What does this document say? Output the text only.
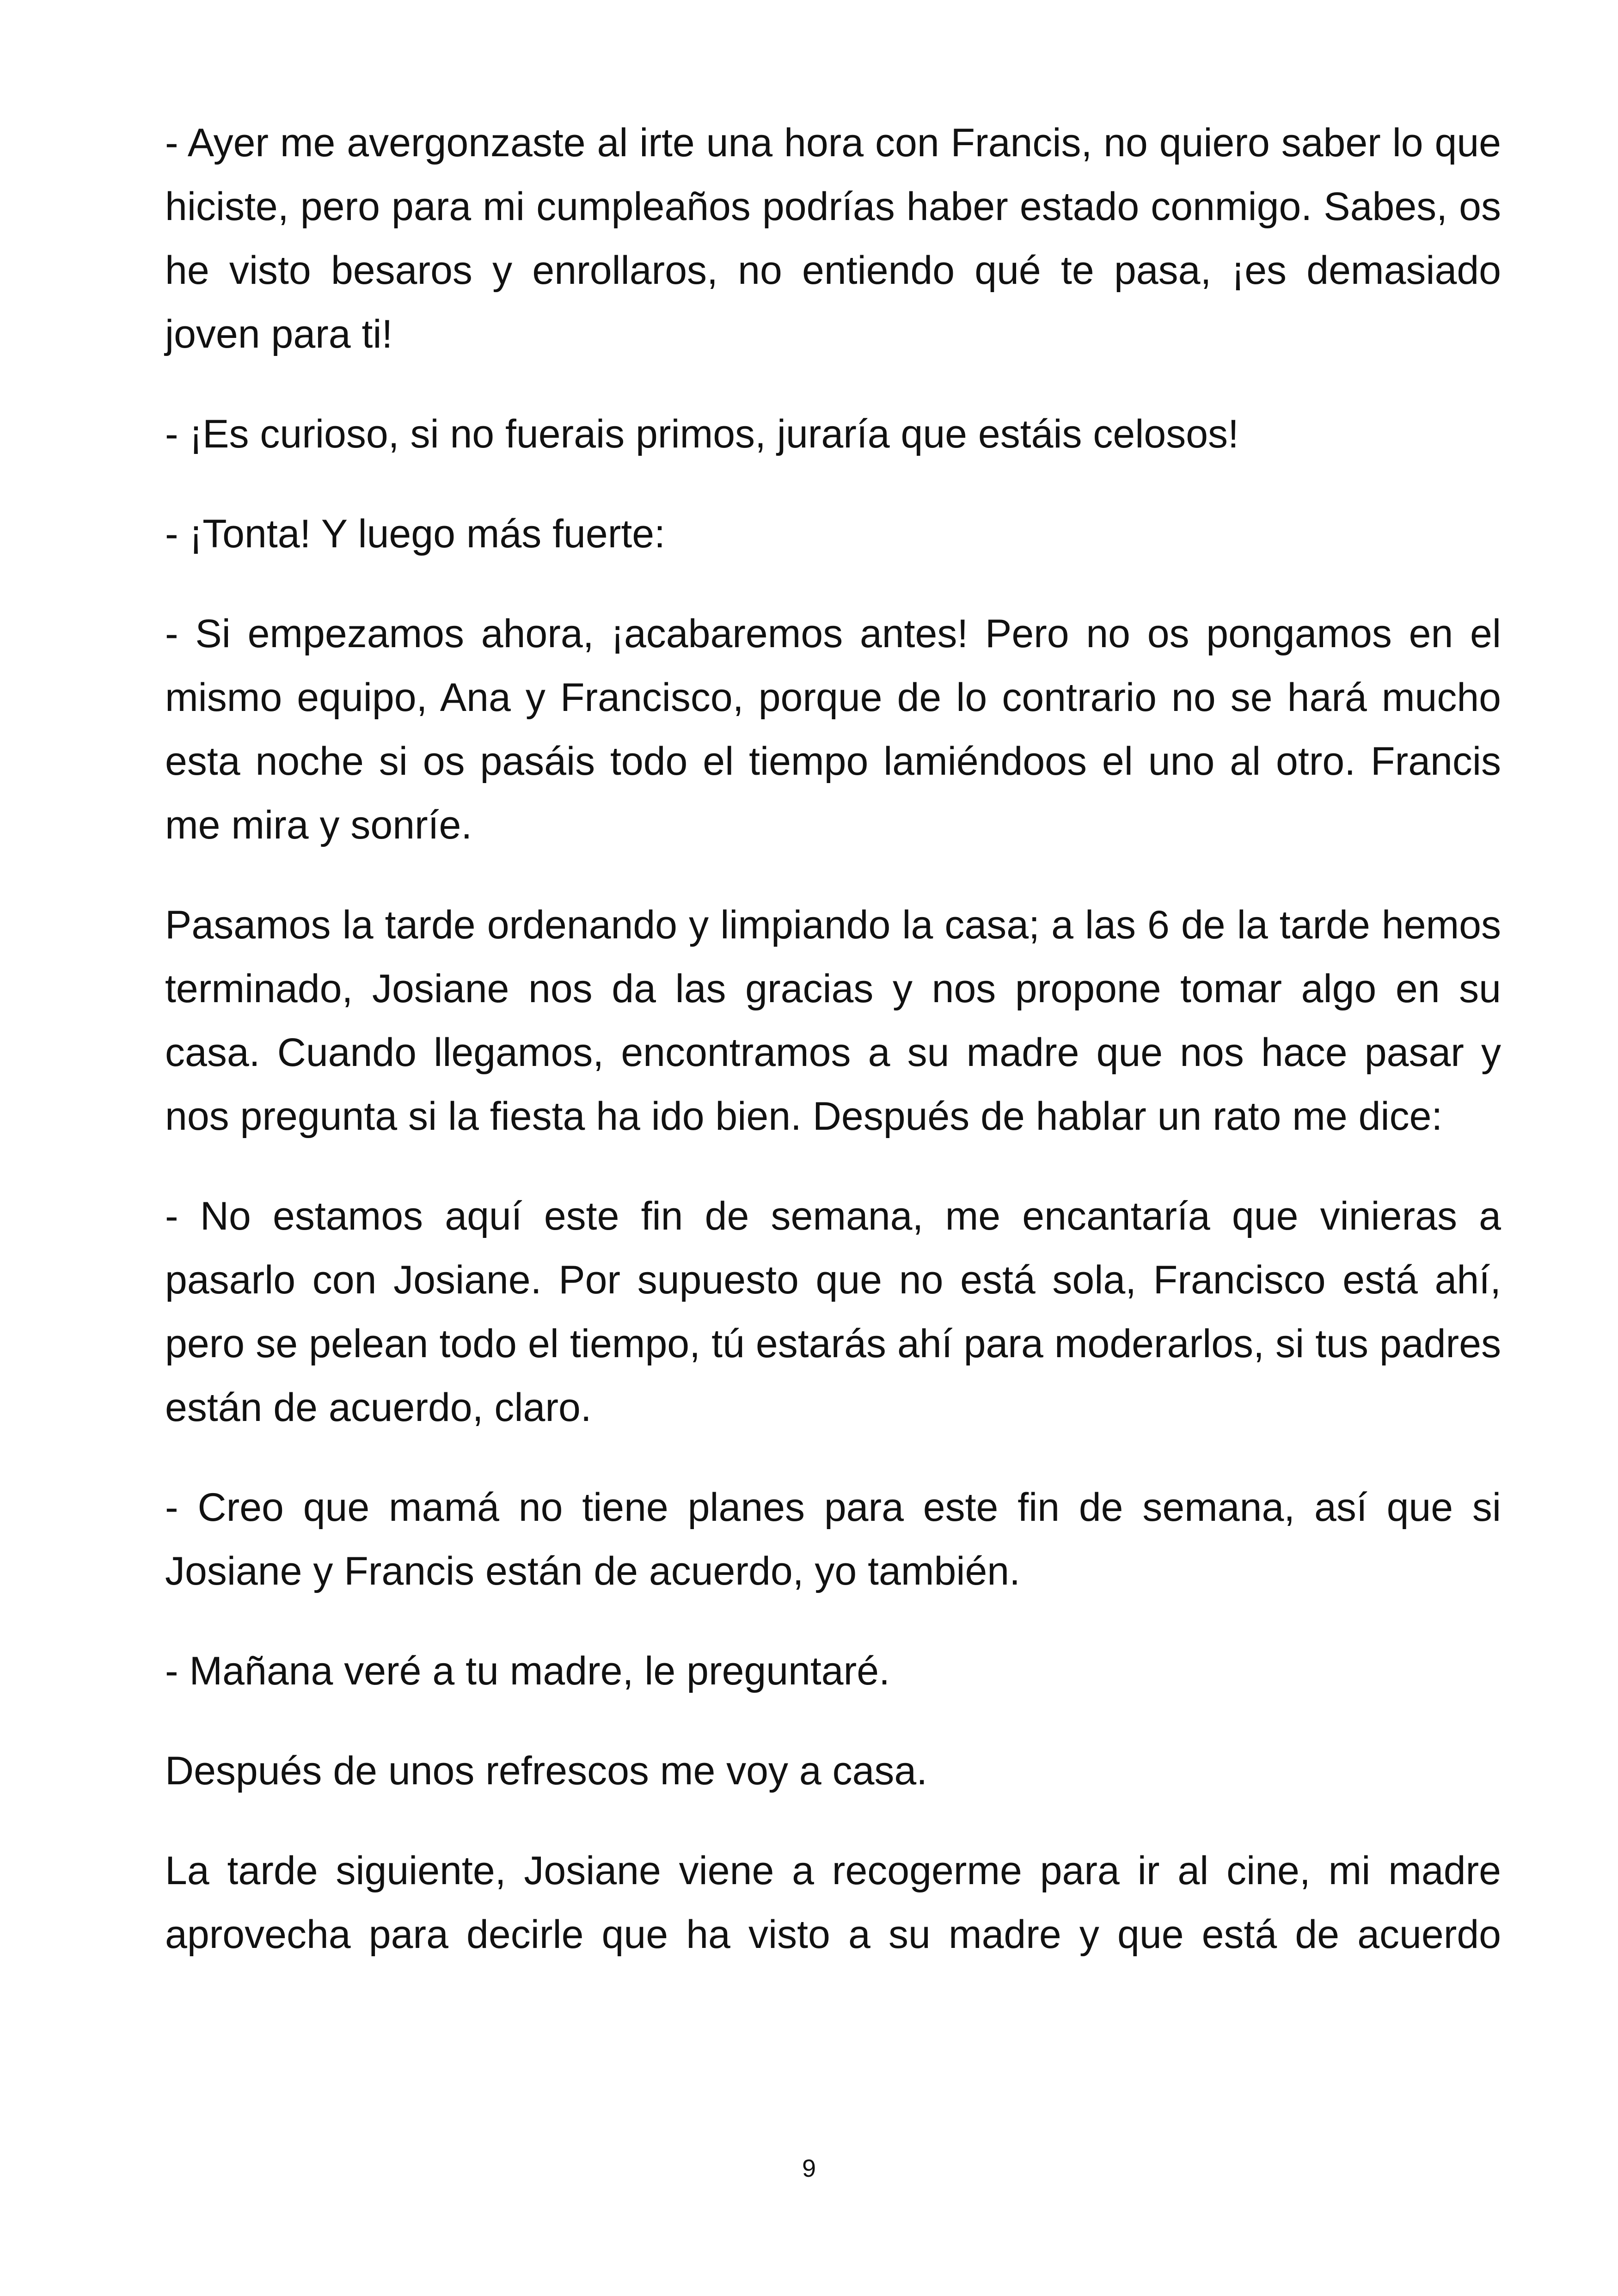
- Ayer me avergonzaste al irte una hora con Francis, no quiero saber lo que hiciste, pero para mi cumpleaños podrías haber estado conmigo. Sabes, os he visto besaros y enrollaros, no entiendo qué te pasa, ¡es demasiado joven para ti!

- ¡Es curioso, si no fuerais primos, juraría que estáis celosos!

- ¡Tonta! Y luego más fuerte:

- Si empezamos ahora, ¡acabaremos antes! Pero no os pongamos en el mismo equipo, Ana y Francisco, porque de lo contrario no se hará mucho esta noche si os pasáis todo el tiempo lamiéndoos el uno al otro. Francis me mira y sonríe.

Pasamos la tarde ordenando y limpiando la casa; a las 6 de la tarde hemos terminado, Josiane nos da las gracias y nos propone tomar algo en su casa. Cuando llegamos, encontramos a su madre que nos hace pasar y nos pregunta si la fiesta ha ido bien. Después de hablar un rato me dice:

- No estamos aquí este fin de semana, me encantaría que vinieras a pasarlo con Josiane. Por supuesto que no está sola, Francisco está ahí, pero se pelean todo el tiempo, tú estarás ahí para moderarlos, si tus padres están de acuerdo, claro.

- Creo que mamá no tiene planes para este fin de semana, así que si Josiane y Francis están de acuerdo, yo también.

- Mañana veré a tu madre, le preguntaré.

Después de unos refrescos me voy a casa.

La tarde siguiente, Josiane viene a recogerme para ir al cine, mi madre aprovecha para decirle que ha visto a su madre y que está de acuerdo

9
